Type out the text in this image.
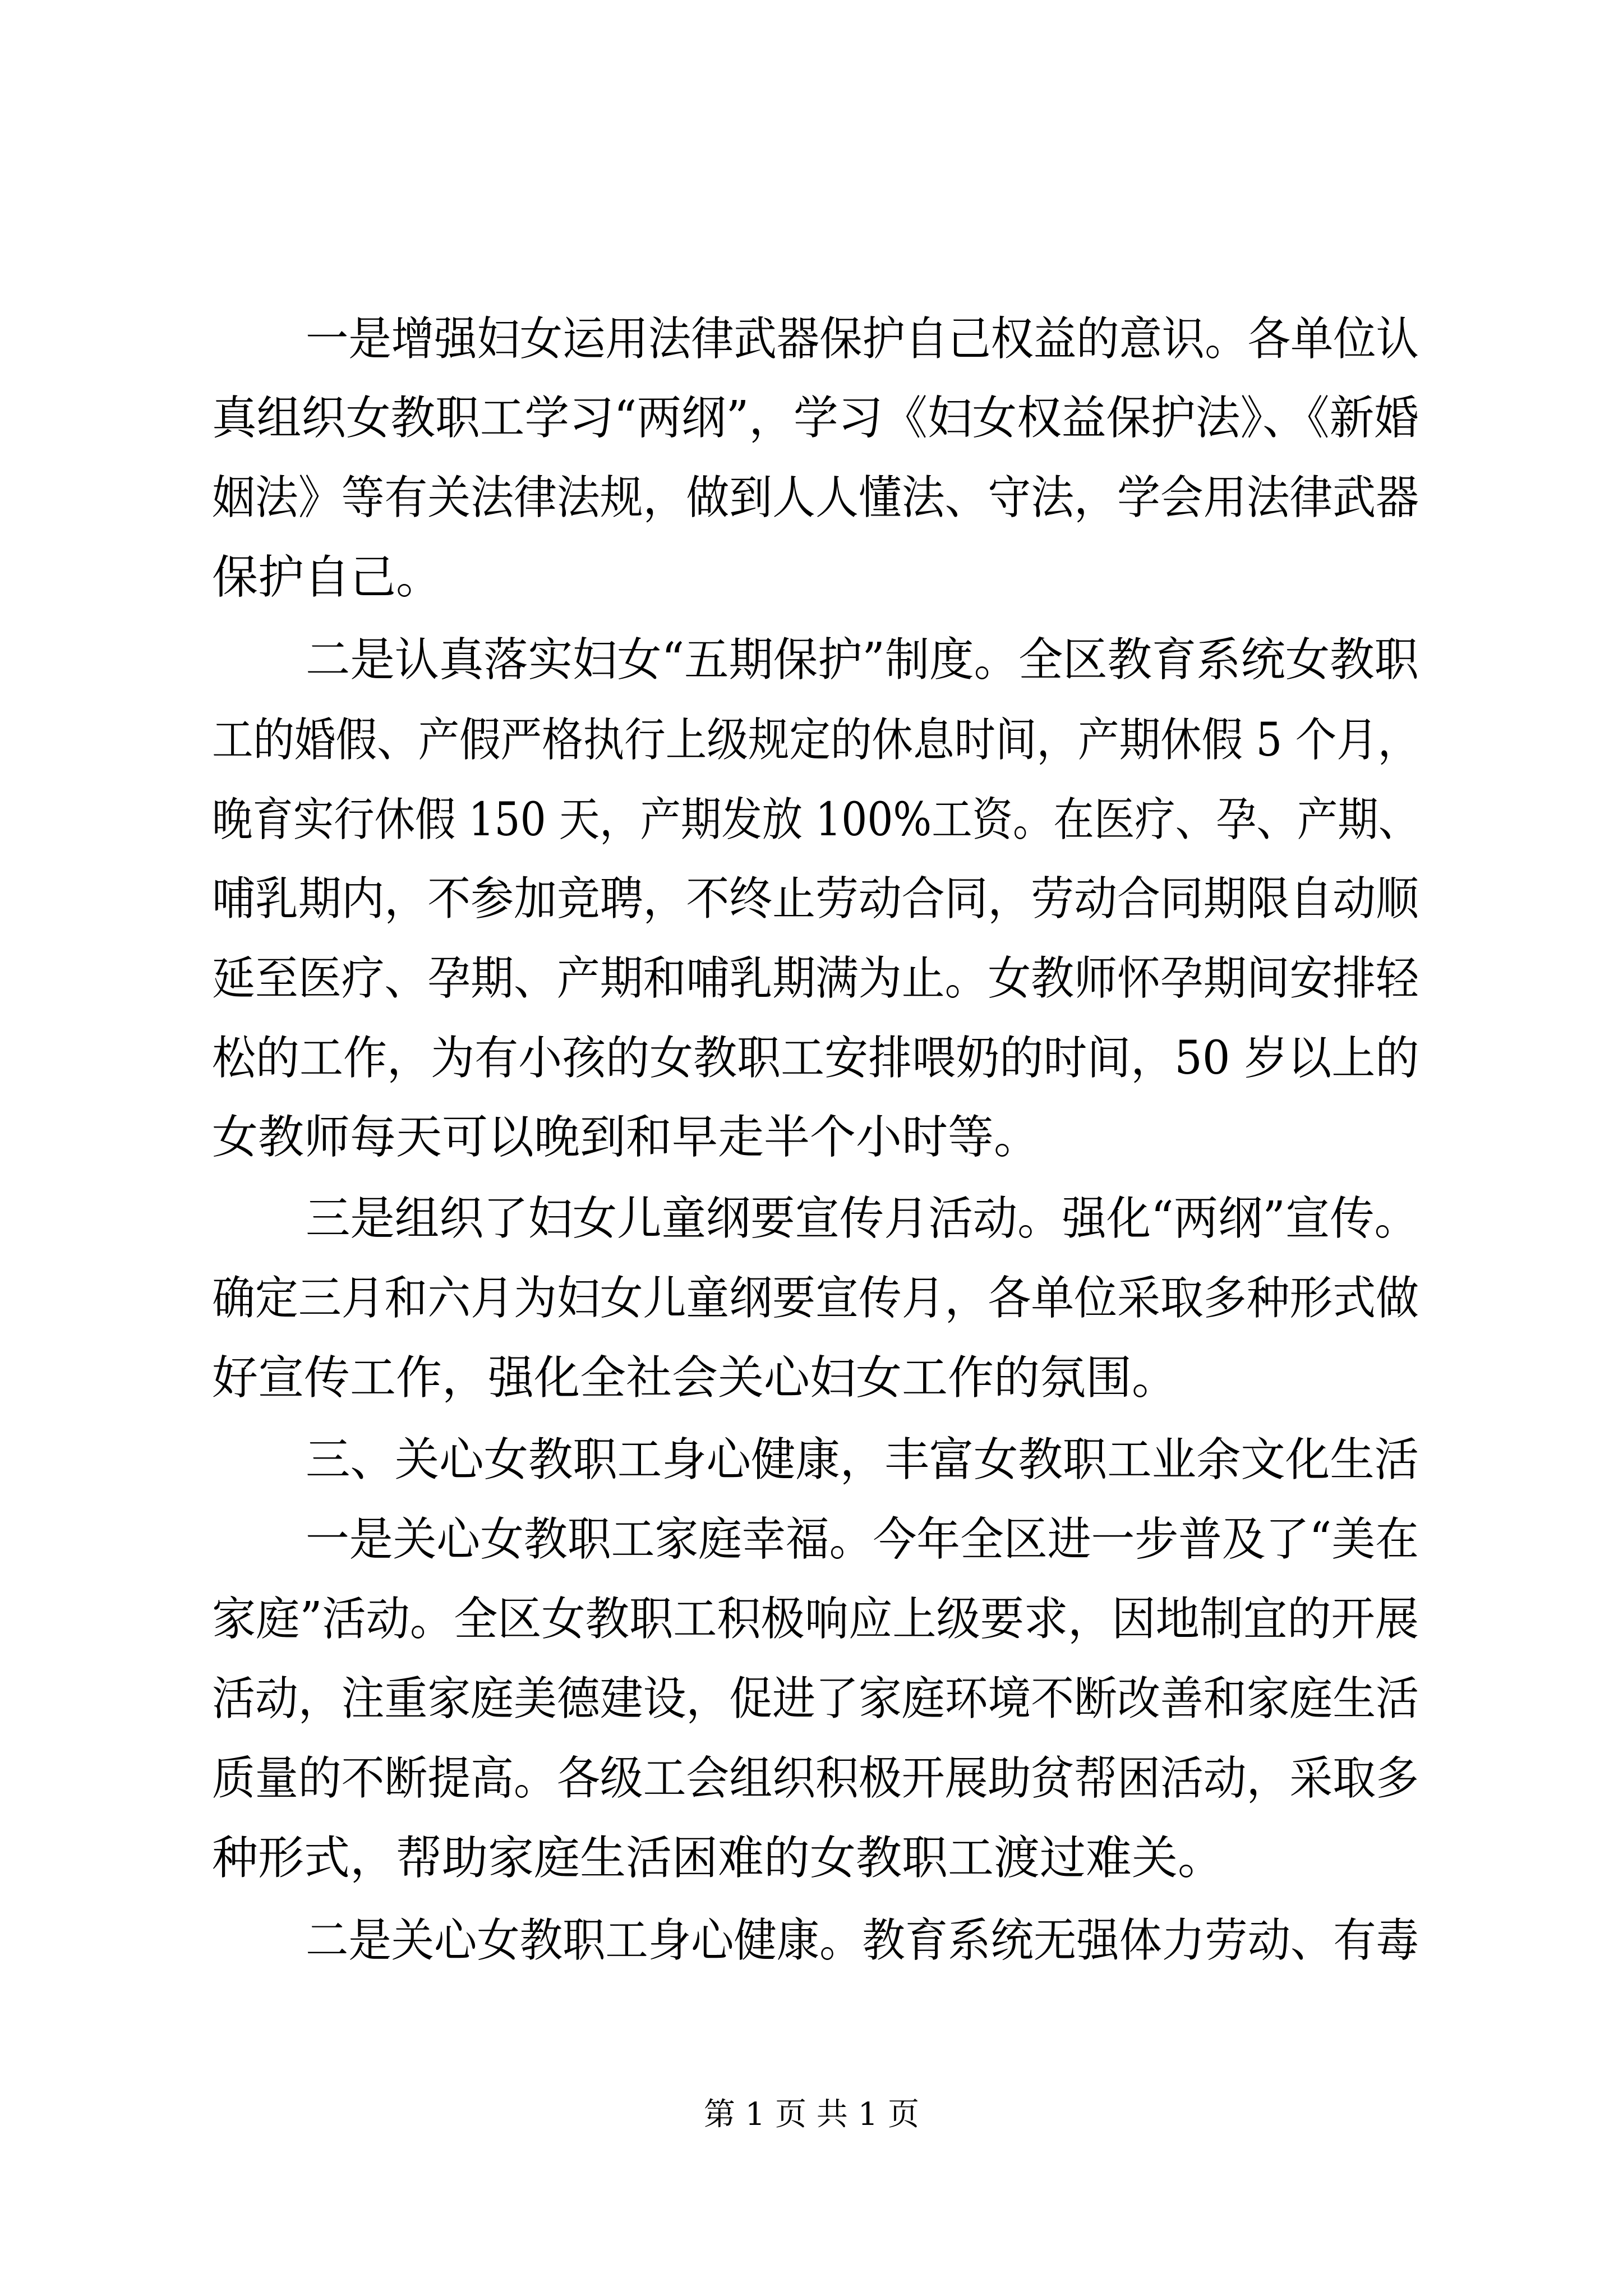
一是增强妇女运用法律武器保护自己权益的意识。各单位认
真组织女教职工学习“两纲”，学习《妇女权益保护法》、《新婚
姻法》等有关法律法规，做到人人懂法、守法，学会用法律武器
保护自己。
二是认真落实妇女“五期保护”制度。全区教育系统女教职
工的婚假、产假严格执行上级规定的休息时间，产期休假 5 个月，
晚育实行休假 150 天，产期发放 100%工资。在医疗、孕、产期、
哺乳期内，不参加竞聘，不终止劳动合同，劳动合同期限自动顺
延至医疗、孕期、产期和哺乳期满为止。女教师怀孕期间安排轻
松的工作，为有小孩的女教职工安排喂奶的时间，50 岁以上的
女教师每天可以晚到和早走半个小时等。
三是组织了妇女儿童纲要宣传月活动。强化“两纲”宣传。
确定三月和六月为妇女儿童纲要宣传月，各单位采取多种形式做
好宣传工作，强化全社会关心妇女工作的氛围。
三、关心女教职工身心健康，丰富女教职工业余文化生活
一是关心女教职工家庭幸福。今年全区进一步普及了“美在
家庭”活动。全区女教职工积极响应上级要求，因地制宜的开展
活动，注重家庭美德建设，促进了家庭环境不断改善和家庭生活
质量的不断提高。各级工会组织积极开展助贫帮困活动，采取多
种形式，帮助家庭生活困难的女教职工渡过难关。
二是关心女教职工身心健康。教育系统无强体力劳动、有毒
第 1 页 共 1 页
